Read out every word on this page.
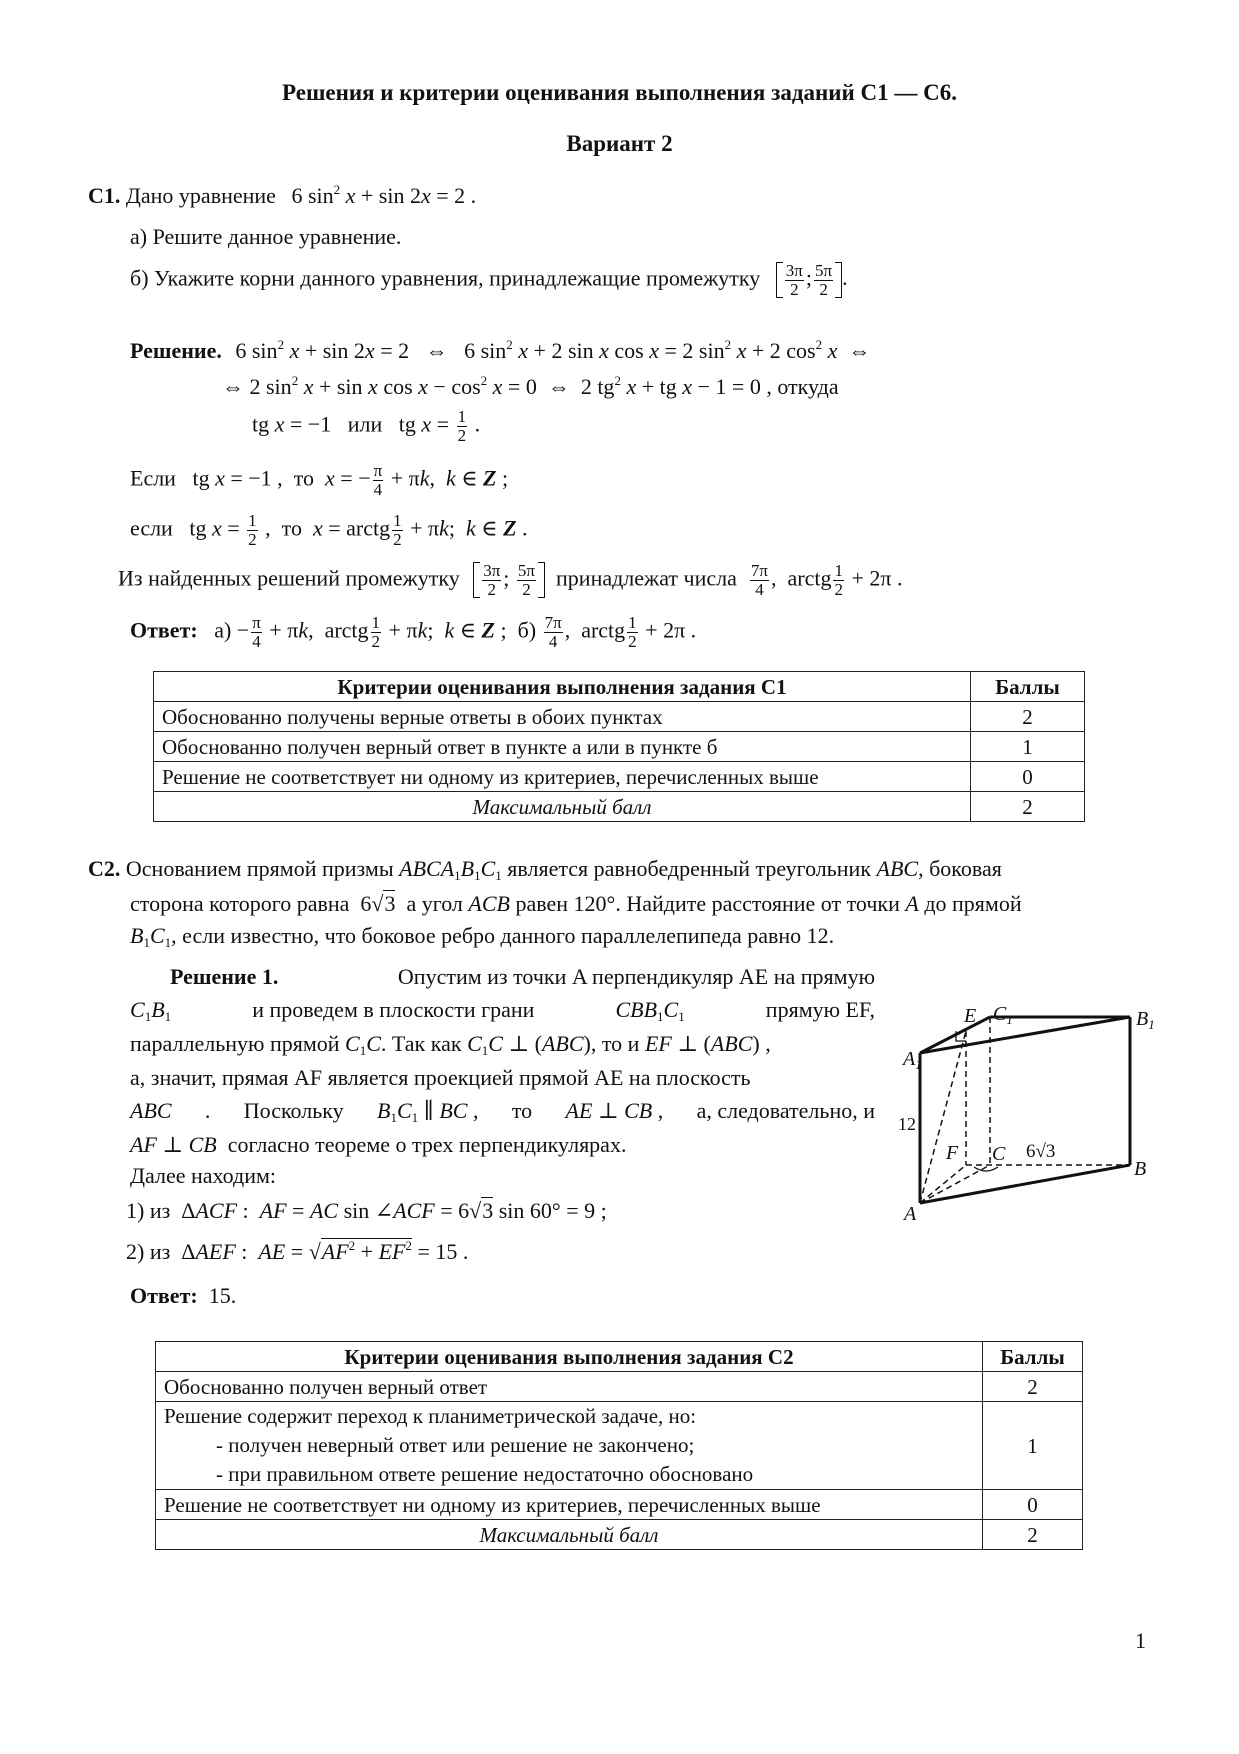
Решения и критерии оценивания выполнения заданий С1 — С6.
Вариант 2
С1. Дано уравнение 6 $\sin^2 x + \sin 2x = 2$ .
а) Решите данное уравнение.
б) Укажите корни данного уравнения, принадлежащие промежутку $\frac{3\pi}{2}$ ; $\frac{5\pi}{2}$ .
Решение. 6 $\sin^2 x + \sin 2x = 2$   ⇔   6 $\sin^2 x + 2$ sin x cos x = 2 $\sin^2 x + 2$ $\cos^2 x$  ⇔
⇔ 2 $\sin^2 x + \sin x$ $\cos x - \cos^2 x = 0$  ⇔  2 $tg^2$ x + tg x − 1 = 0 , откуда
tg x = −1   или   tg $x = \frac{1}{2}$ .
Если   tg x = −1 ,  то x = − $\frac{\pi}{4} + \pi k$,  k ∈ Z ;
если   tg $x = \frac{1}{2}$ ,  то x = arctg $\frac{1}{2} + \pi k$;  k ∈ Z .
Из найденных решений промежутку $\frac{3\pi}{2}$ ; $\frac{5\pi}{2}$ принадлежат числа $\frac{7\pi}{4}$ ,  arctg $\frac{1}{2} + 2\pi$ .
Ответ:   $а) - \frac{\pi}{4} + \pi k$,  arctg $\frac{1}{2} + \pi k$;  k ∈ Z ;  $б) \frac{7\pi}{4}$ ,  arctg $\frac{1}{2} + 2\pi$ .
Критерии оценивания выполнения задания С1	Баллы
Обоснованно получены верные ответы в обоих пунктах	2
Обоснованно получен верный ответ в пункте а или в пункте б	1
Решение не соответствует ни одному из критериев, перечисленных выше	0
Максимальный балл	2
С2. Основанием прямой призмы $ABCA_1B_1C_1$ является равнобедренный треугольник ABC, боковая
сторона которого равна  6√3 а угол ACB равен 120°. Найдите расстояние от точки A до прямой
$B_1C_1$, если известно, что боковое ребро данного параллелепипеда равно 12.
Решение 1.	Опустим из точки A перпендикуляр AE на прямую
$C_1B_1$	и проведем в плоскости грани	$CBB_1C_1$	прямую EF,
параллельную прямой $C_1C$. Так как $C_1C$ ⊥ (ABC), то и EF ⊥ (ABC) ,
а, значит, прямая AF является проекцией прямой AE на плоскость
ABC . Поскольку $B_1C_1$ ∥ BC , то AE ⊥ CB , а, следовательно, и
AF ⊥ CB согласно теореме о трех перпендикулярах.
Далее находим:
1) из  ΔACF :  AF = AC sin ∠ACF = 6√3 sin 60° = 9 ;
2) из  ΔAEF :  AE = $√AF^2 + EF^2 = 15$ .
Ответ: 15.
E $C_1$	$B_1$
$A_1$
12
F C 6√3
B
A
Критерии оценивания выполнения задания С2	Баллы
Обоснованно получен верный ответ	2

Решение содержит переход к планиметрической задаче, но:
- получен неверный ответ или решение не закончено;
- при правильном ответе решение недостаточно обосновано	1
Решение не соответствует ни одному из критериев, перечисленных выше	0
Максимальный балл	2
1
